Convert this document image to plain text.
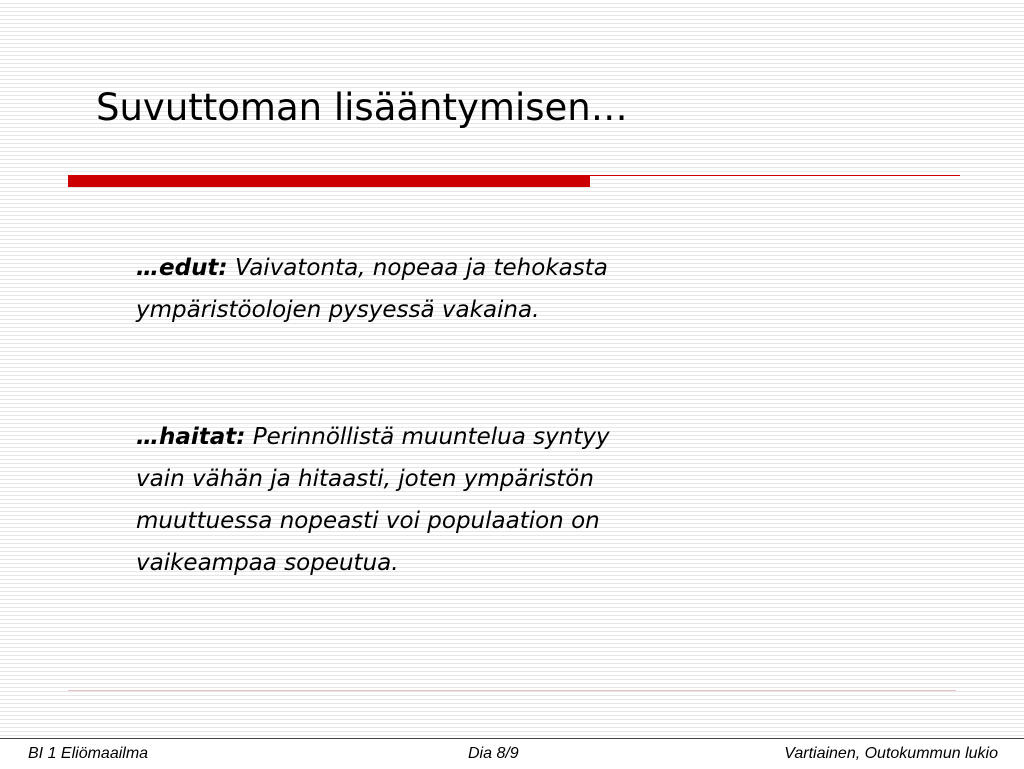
Suvuttoman lisääntymisen…
…edut: Vaivatonta, nopeaa ja tehokasta
ympäristöolojen pysyessä vakaina.
…haitat: Perinnöllistä muuntelua syntyy
vain vähän ja hitaasti, joten ympäristön
muuttuessa nopeasti voi populaation on
vaikeampaa sopeutua.
BI 1 Eliömaailma	Dia 8/9	Vartiainen, Outokummun lukio
